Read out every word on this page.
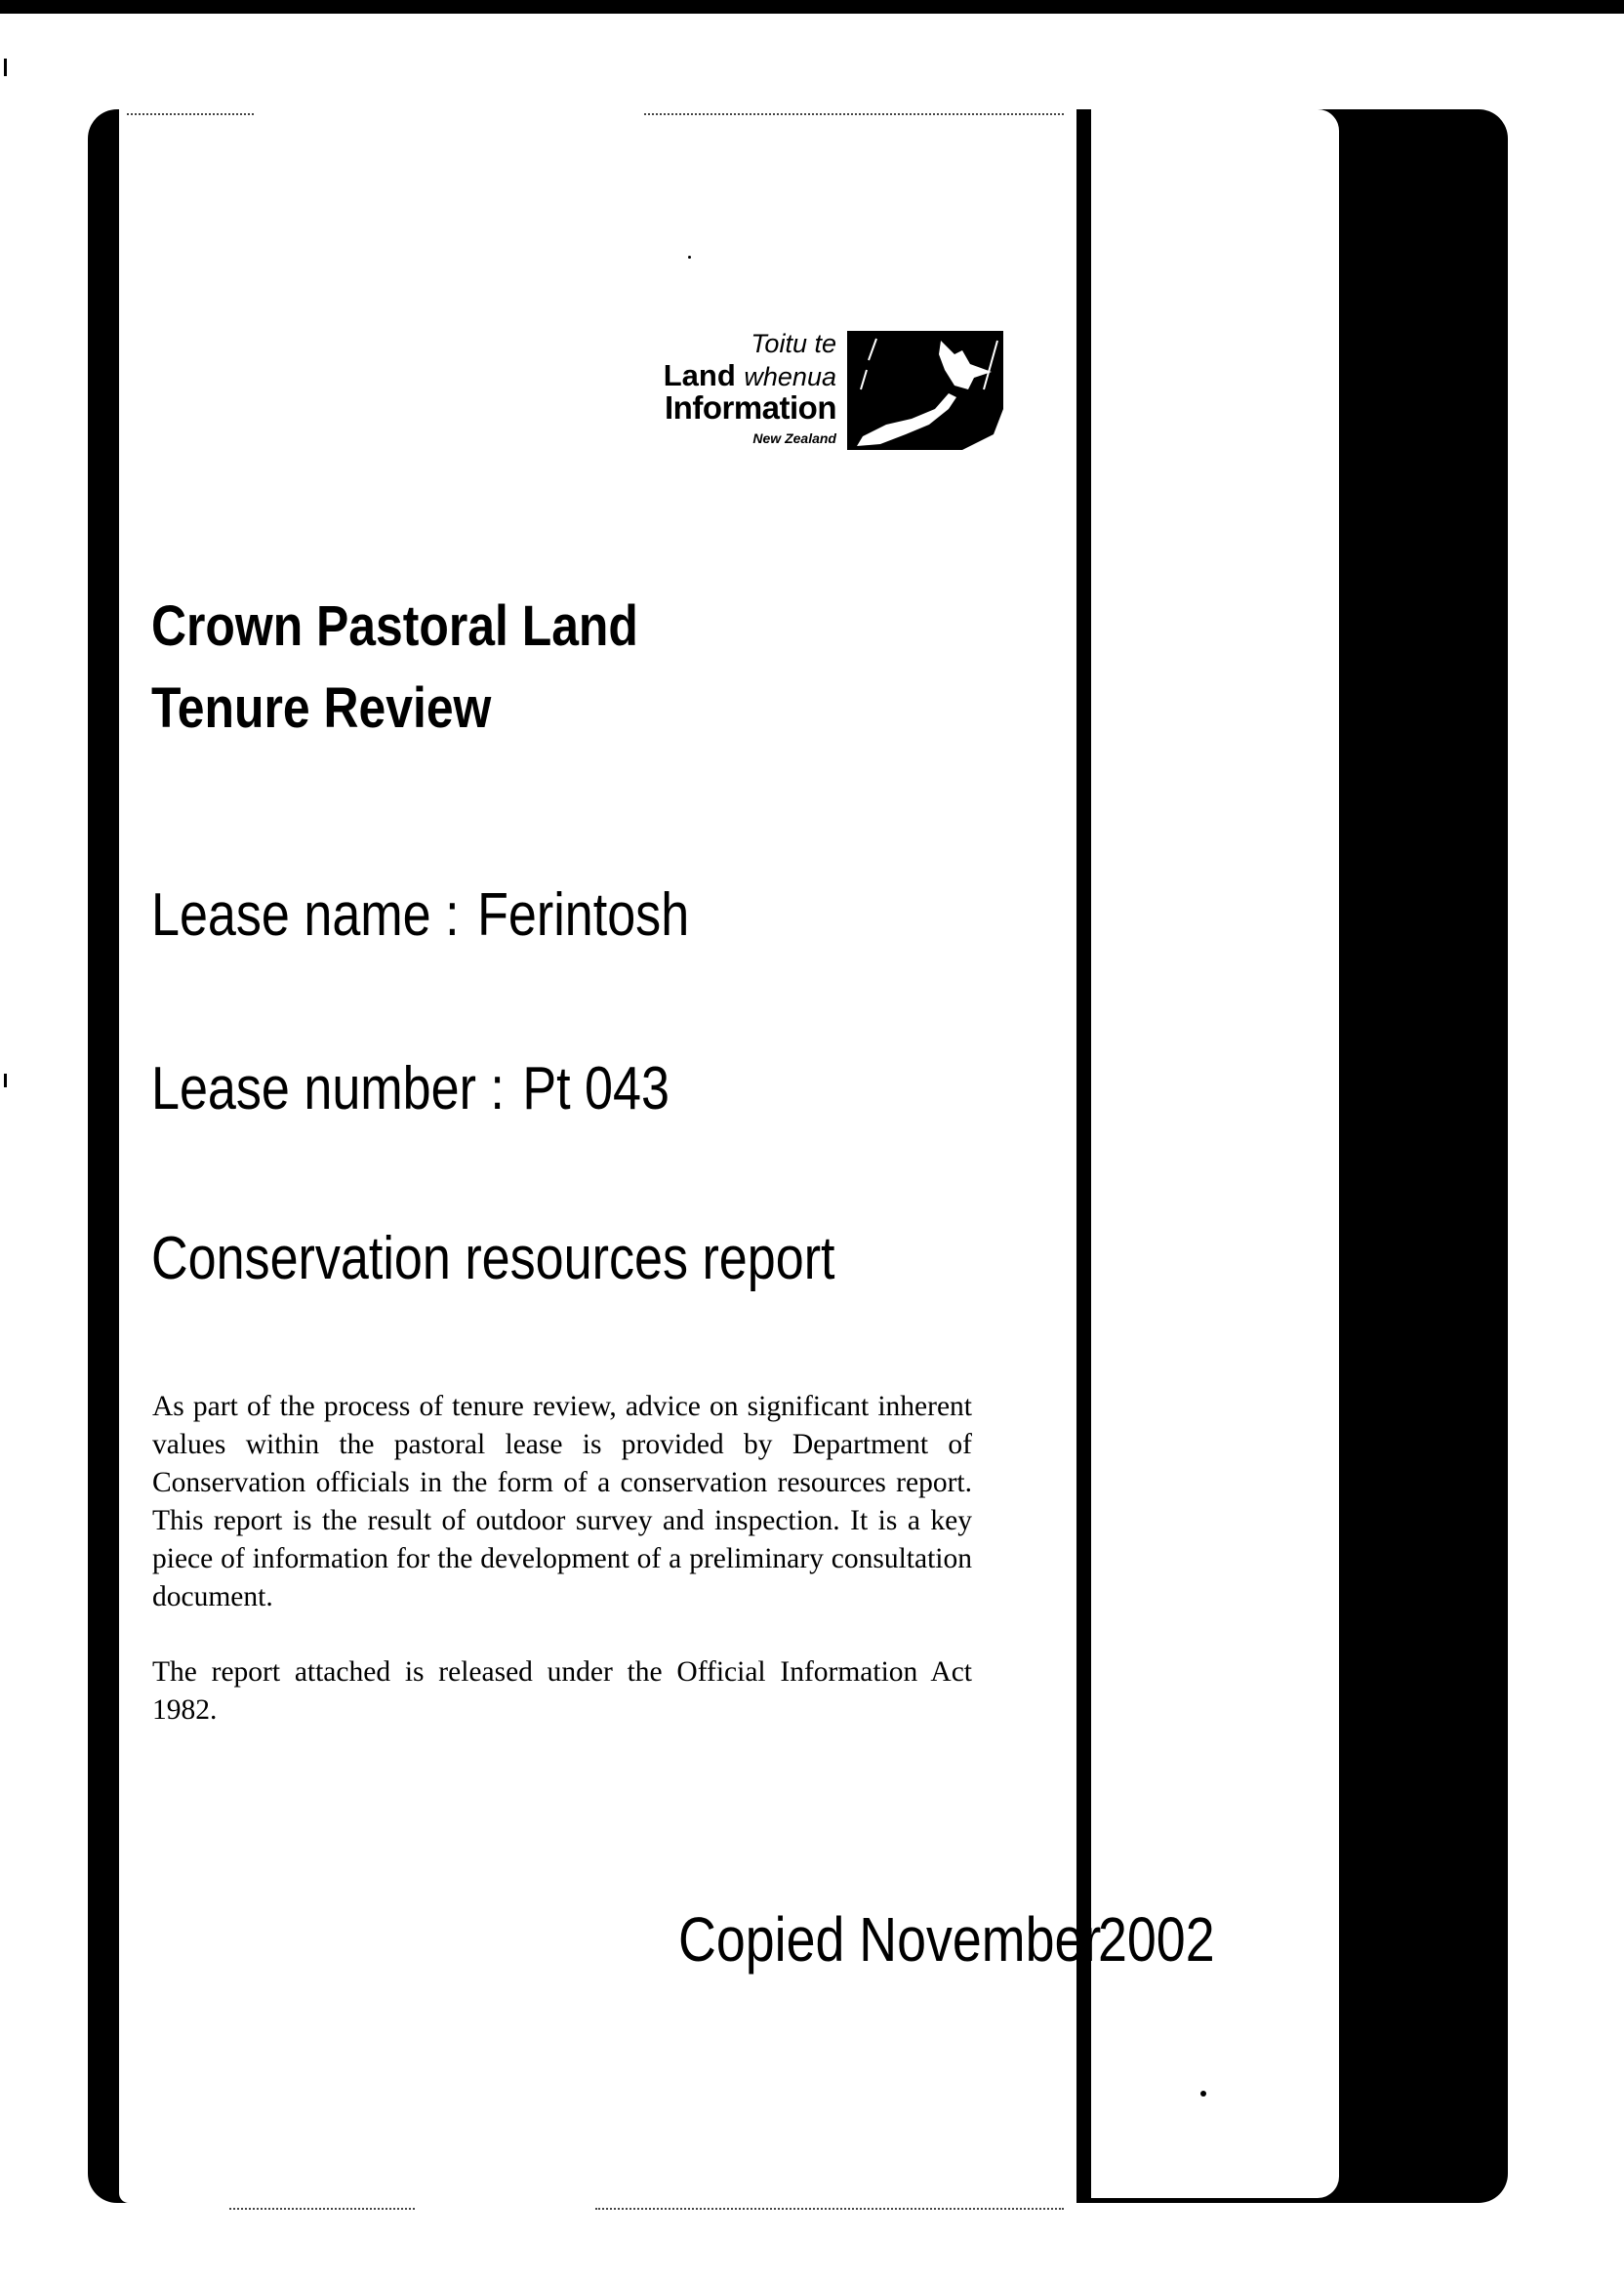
Toitu te
Land whenua
Information
New Zealand
Crown Pastoral Land
Tenure Review
Lease name : Ferintosh
Lease number : Pt 043
Conservation resources report
As part of the process of tenure review, advice on significant inherent values within the pastoral lease is provided by Department of Conservation officials in the form of a conservation resources report. This report is the result of outdoor survey and inspection. It is a key piece of information for the development of a preliminary consultation document.
The report attached is released under the Official Information Act 1982.
Copied November
2002
